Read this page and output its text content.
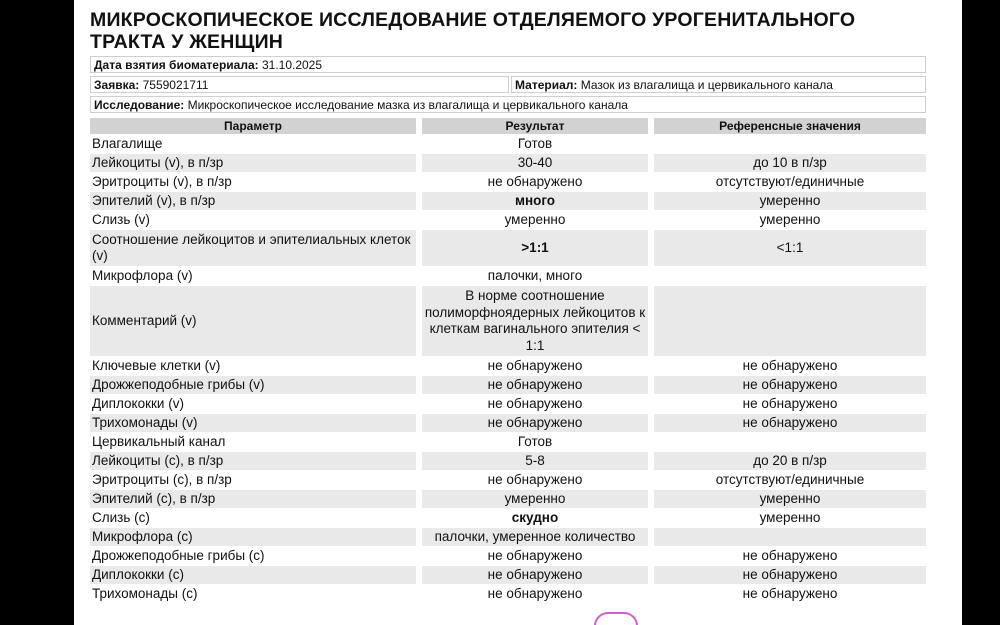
МИКРОСКОПИЧЕСКОЕ ИССЛЕДОВАНИЕ ОТДЕЛЯЕМОГО УРОГЕНИТАЛЬНОГО ТРАКТА У ЖЕНЩИН
Дата взятия биоматериала: 31.10.2025
Заявка: 7559021711	Материал: Мазок из влагалища и цервикального канала
Исследование: Микроскопическое исследование мазка из влагалища и цервикального канала
Параметр		Результат		Референсные значения
Влагалище		Готов		
Лейкоциты (v), в п/зр		30-40		до 10 в п/зр
Эритроциты (v), в п/зр		не обнаружено		отсутствуют/единичные
Эпителий (v), в п/зр		много		умеренно
Слизь (v)		умеренно		умеренно
Соотношение лейкоцитов и эпителиальных клеток (v)		>1:1		<1:1
Микрофлора (v)		палочки, много		
Комментарий (v)		В норме соотношение полиморфноядерных лейкоцитов к клеткам вагинального эпителия < 1:1		
Ключевые клетки (v)		не обнаружено		не обнаружено
Дрожжеподобные грибы (v)		не обнаружено		не обнаружено
Диплококки (v)		не обнаружено		не обнаружено
Трихомонады (v)		не обнаружено		не обнаружено
Цервикальный канал		Готов		
Лейкоциты (c), в п/зр		5-8		до 20 в п/зр
Эритроциты (c), в п/зр		не обнаружено		отсутствуют/единичные
Эпителий (c), в п/зр		умеренно		умеренно
Слизь (c)		скудно		умеренно
Микрофлора (c)		палочки, умеренное количество		
Дрожжеподобные грибы (c)		не обнаружено		не обнаружено
Диплококки (c)		не обнаружено		не обнаружено
Трихомонады (c)		не обнаружено		не обнаружено
